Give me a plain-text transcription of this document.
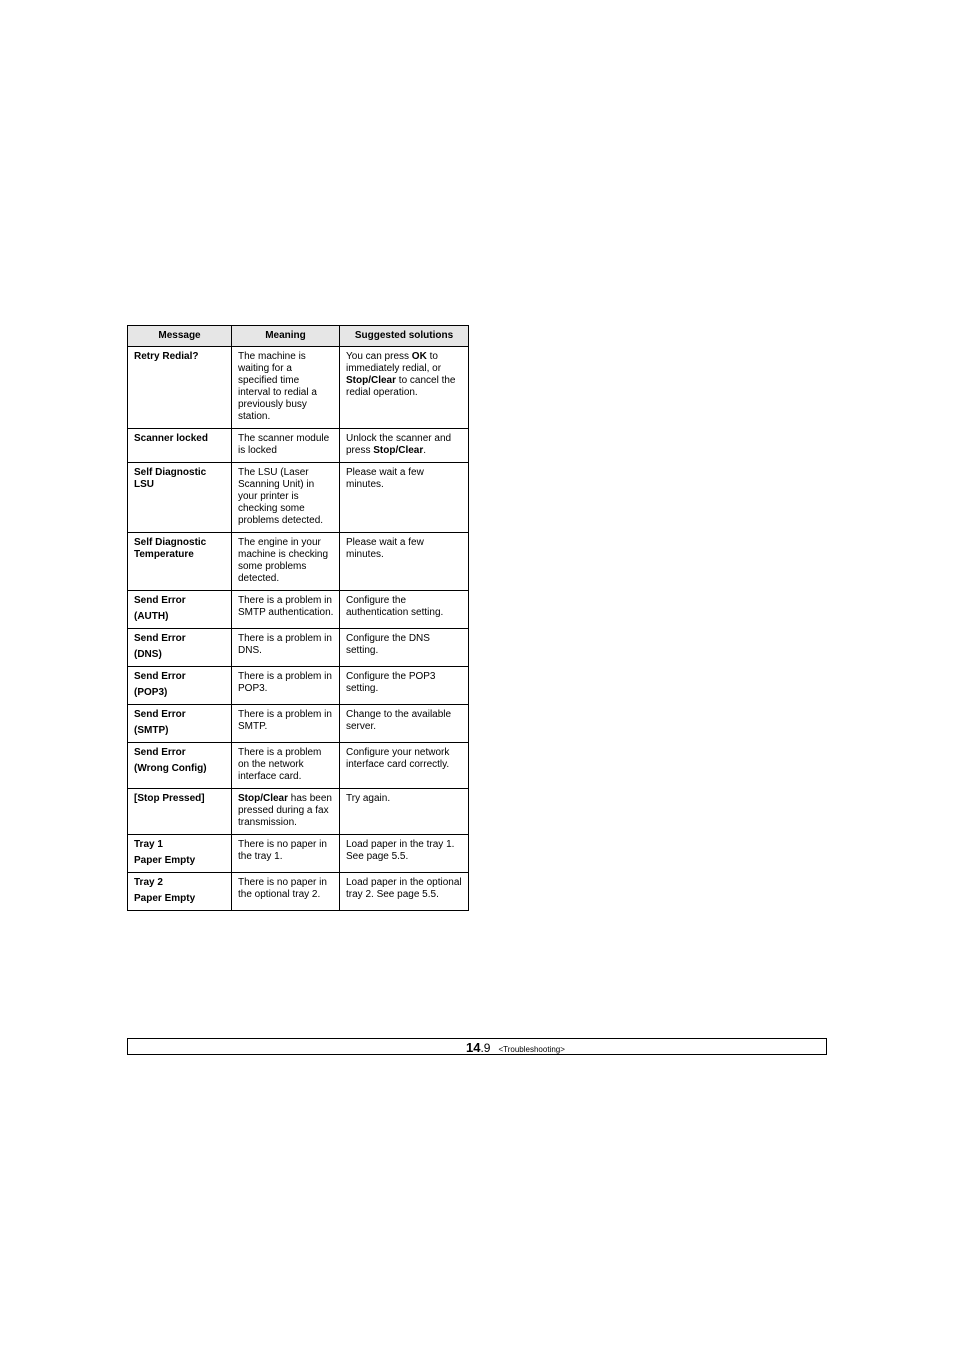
Message	Meaning	Suggested solutions

Retry Redial?	The machine is waiting for a specified time interval to redial a previously busy station.	You can press OK to immediately redial, or Stop/Clear to cancel the redial operation.

Scanner locked	The scanner module is locked	Unlock the scanner and press Stop/Clear.

Self Diagnostic LSU	The LSU (Laser Scanning Unit) in your printer is checking some problems detected.	Please wait a few minutes.

Self Diagnostic Temperature	The engine in your machine is checking some problems detected.	Please wait a few minutes.

Send Error
(AUTH)	There is a problem in SMTP authentication.	Configure the authentication setting.

Send Error
(DNS)	There is a problem in DNS.	Configure the DNS setting.

Send Error
(POP3)	There is a problem in POP3.	Configure the POP3 setting.

Send Error
(SMTP)	There is a problem in SMTP.	Change to the available server.

Send Error
(Wrong Config)	There is a problem on the network interface card.	Configure your network interface card correctly.

[Stop Pressed]	Stop/Clear has been pressed during a fax transmission.	Try again.

Tray 1
Paper Empty	There is no paper in the tray 1.	Load paper in the tray 1. See page 5.5.

Tray 2
Paper Empty	There is no paper in the optional tray 2.	Load paper in the optional tray 2. See page 5.5.
14.9 <Troubleshooting>
